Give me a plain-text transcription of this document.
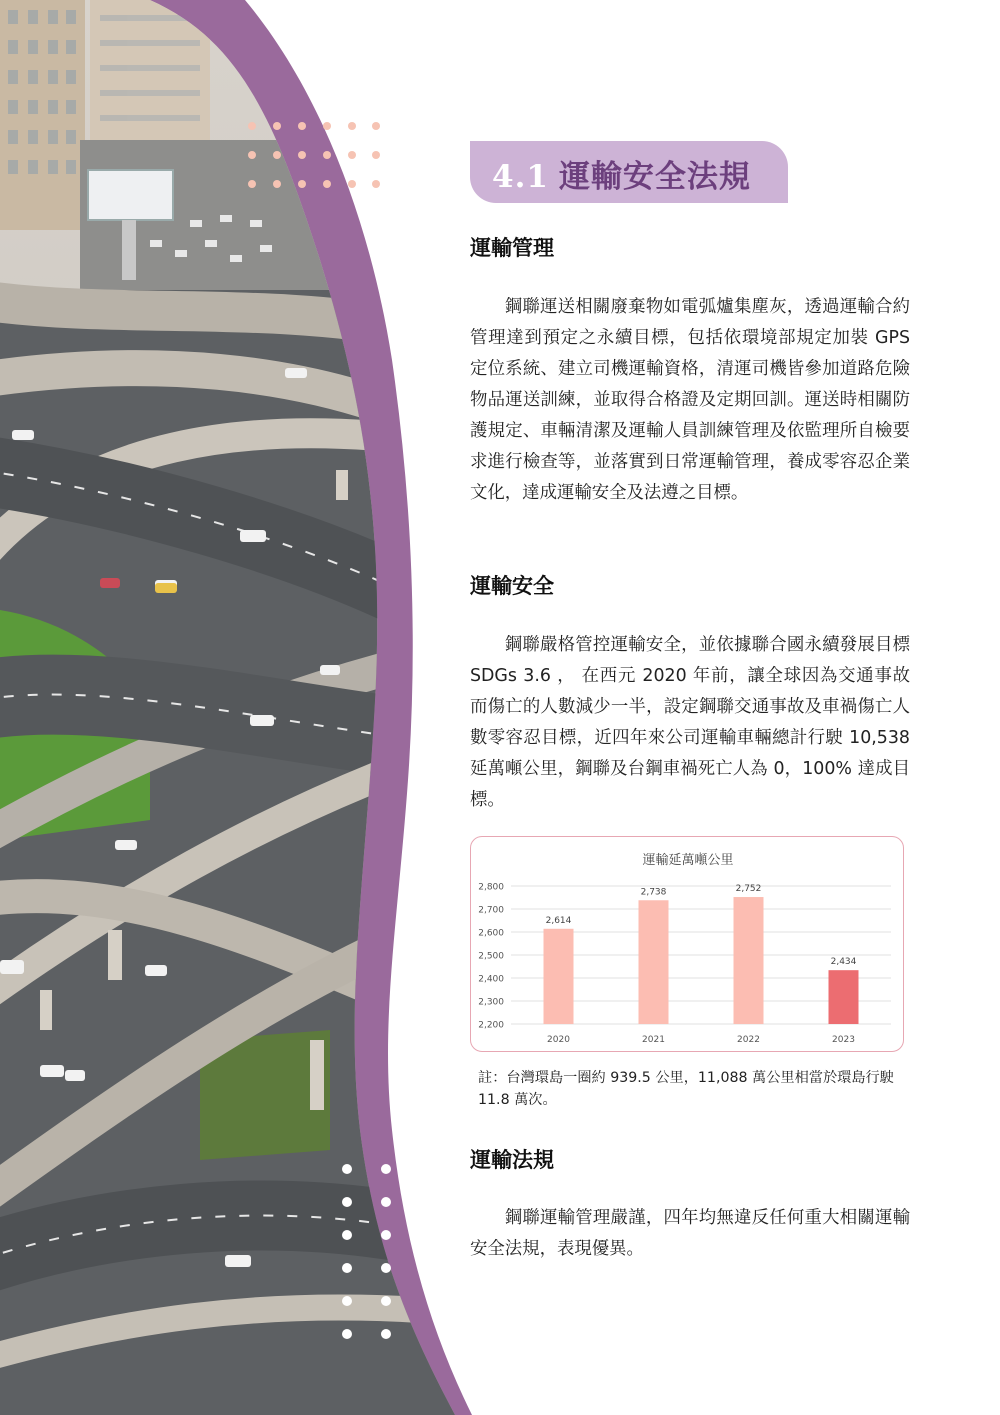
4.1 運輸安全法規
運輸管理

鋼聯運送相關廢棄物如電弧爐集塵灰，透過運輸合約管理達到預定之永續目標，包括依環境部規定加裝 GPS 定位系統、建立司機運輸資格，清運司機皆參加道路危險物品運送訓練，並取得合格證及定期回訓。運送時相關防護規定、車輛清潔及運輸人員訓練管理及依監理所自檢要求進行檢查等，並落實到日常運輸管理，養成零容忍企業文化，達成運輸安全及法遵之目標。

運輸安全

鋼聯嚴格管控運輸安全，並依據聯合國永續發展目標 SDGs 3.6 ， 在西元 2020 年前，讓全球因為交通事故而傷亡的人數減少一半，設定鋼聯交通事故及車禍傷亡人數零容忍目標，近四年來公司運輸車輛總計行駛 10,538 延萬噸公里，鋼聯及台鋼車禍死亡人為 0，100% 達成目標。

運輸延萬噸公里
2,200
2,300
2,400
2,500
2,600
2,700
2,800
2,614
2,738	2,752
2,434
2020	2021	2022	2023
註：台灣環島一圈約 939.5 公里，11,088 萬公里相當於環島行駛 11.8 萬次。
運輸法規

鋼聯運輸管理嚴謹，四年均無違反任何重大相關運輸安全法規，表現優異。
